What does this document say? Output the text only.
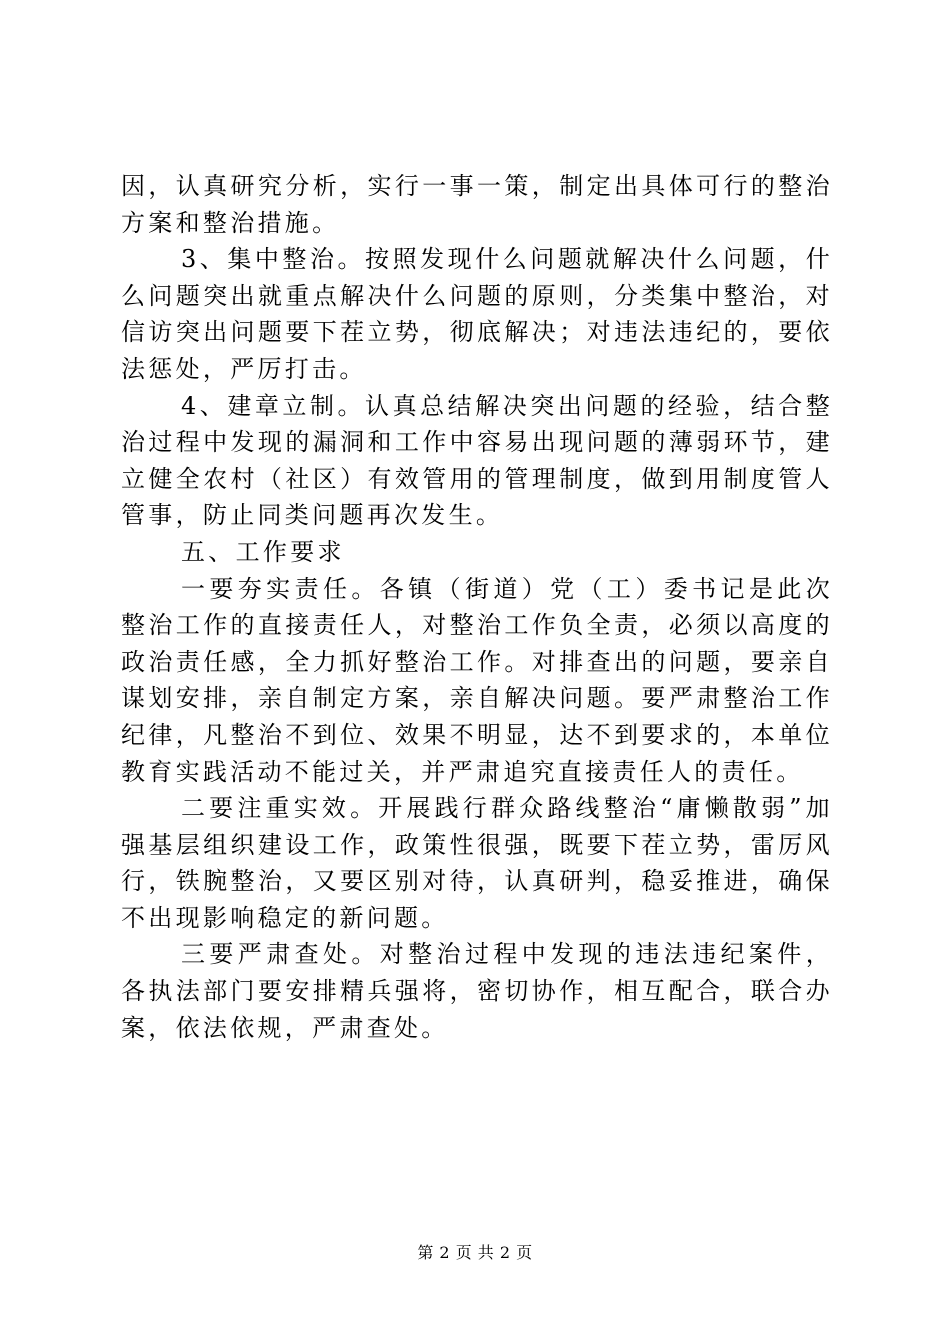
因，认真研究分析，实行一事一策，制定出具体可行的整治方案和整治措施。

3、集中整治。按照发现什么问题就解决什么问题，什么问题突出就重点解决什么问题的原则，分类集中整治，对信访突出问题要下茬立势，彻底解决；对违法违纪的，要依法惩处，严厉打击。

4、建章立制。认真总结解决突出问题的经验，结合整治过程中发现的漏洞和工作中容易出现问题的薄弱环节，建立健全农村（社区）有效管用的管理制度，做到用制度管人管事，防止同类问题再次发生。

五、工作要求

一要夯实责任。各镇（街道）党（工）委书记是此次整治工作的直接责任人，对整治工作负全责，必须以高度的政治责任感，全力抓好整治工作。对排查出的问题，要亲自谋划安排，亲自制定方案，亲自解决问题。要严肃整治工作纪律，凡整治不到位、效果不明显，达不到要求的，本单位教育实践活动不能过关，并严肃追究直接责任人的责任。

二要注重实效。开展践行群众路线整治“庸懒散弱”加强基层组织建设工作，政策性很强，既要下茬立势，雷厉风行，铁腕整治，又要区别对待，认真研判，稳妥推进，确保不出现影响稳定的新问题。

三要严肃查处。对整治过程中发现的违法违纪案件，各执法部门要安排精兵强将，密切协作，相互配合，联合办案，依法依规，严肃查处。

第 2 页 共 2 页
